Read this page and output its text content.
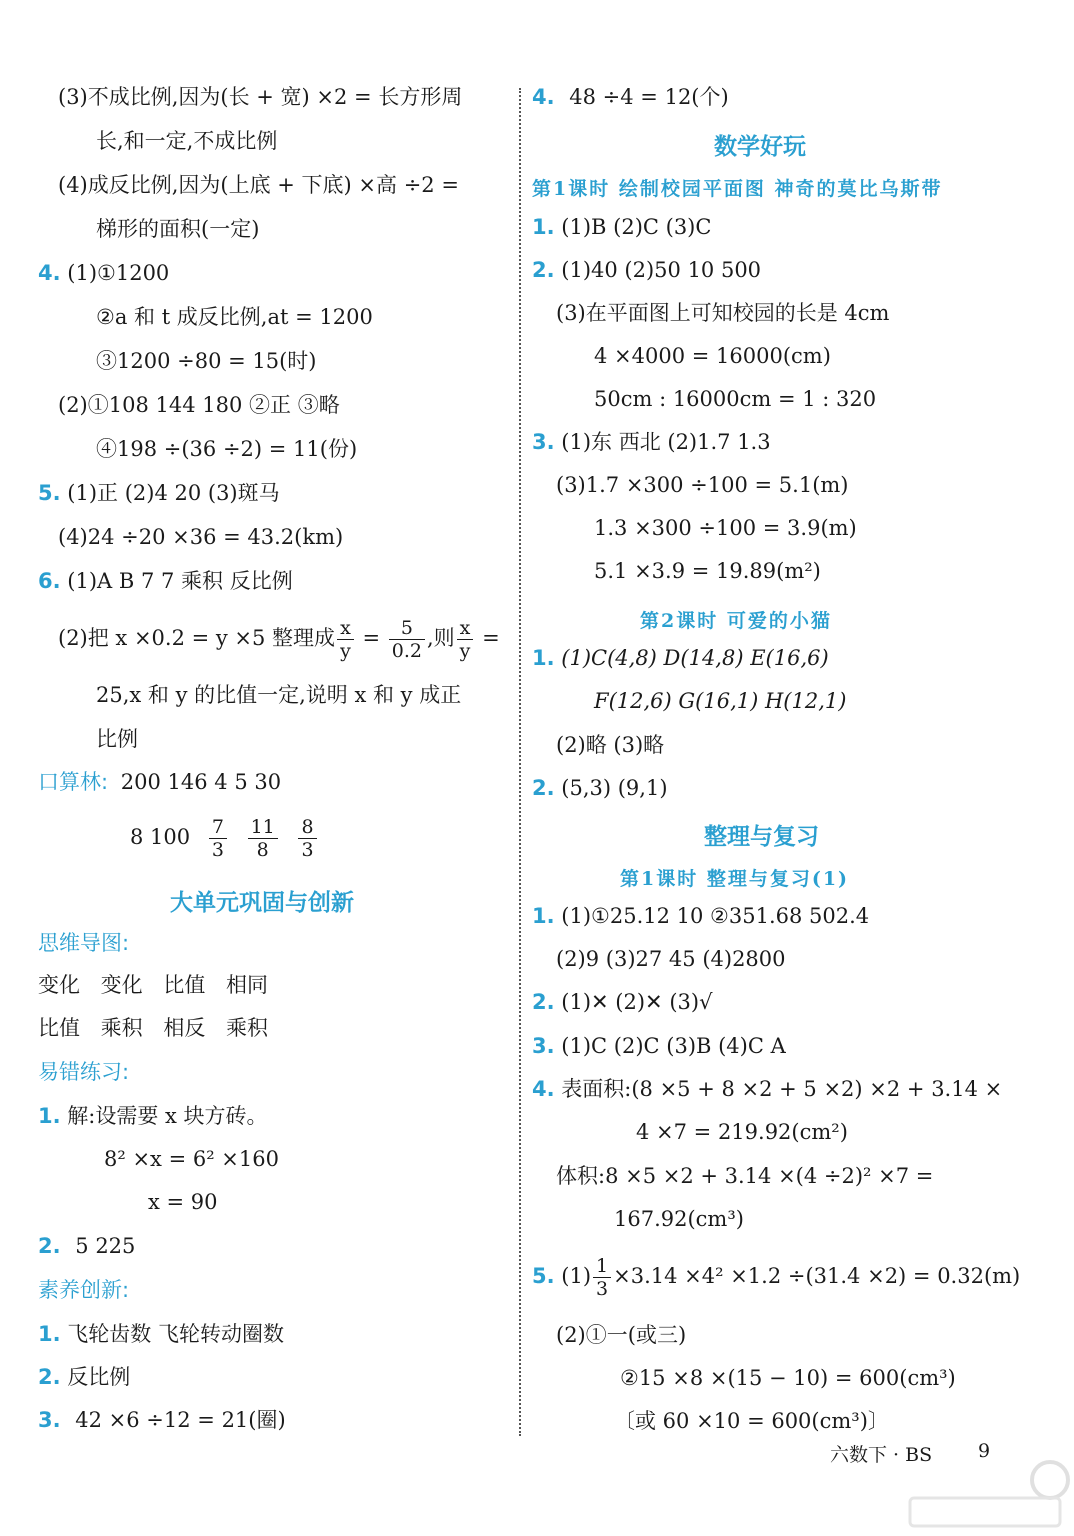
(3)不成比例,因为(长 + 宽) ×2 = 长方形周
长,和一定,不成比例
(4)成反比例,因为(上底 + 下底) ×高 ÷2 =
梯形的面积(一定)
4. (1)①1200
②a 和 t 成反比例,at = 1200
③1200 ÷80 = 15(时)
(2)①108 144 180 ②正 ③略
④198 ÷(36 ÷2) = 11(份)
5. (1)正 (2)4 20 (3)斑马
(4)24 ÷20 ×36 = 43.2(km)
6. (1)A B 7 7 乘积 反比例
(2)把 x ×0.2 = y ×5 整理成 $\frac{x}{y} = \frac{5}{0.2}$ ,则 $\frac{x}{y}$ =
25,x 和 y 的比值一定,说明 x 和 y 成正
比例
口算林: 200 146 4 5 30
8 $100 \frac{7}{3}$
$\frac{11}{8}$
$\frac{8}{3}$
大单元巩固与创新
思维导图:
变化 变化 比值 相同
比值 乘积 相反 乘积
易错练习:
1. 解:设需要 x 块方砖。
8² ×x = 6² ×160
x = 90
2. 5 225
素养创新:
1. 飞轮齿数 飞轮转动圈数
2. 反比例
3. 42 ×6 ÷12 = 21(圈)
4. 48 ÷4 = 12(个)
数学好玩
第1课时 绘制校园平面图 神奇的莫比乌斯带
1. (1)B (2)C (3)C
2. (1)40 (2)50 10 500
(3)在平面图上可知校园的长是 4cm
4 ×4000 = 16000(cm)
50cm : 16000cm = 1 : 320
3. (1)东 西北 (2)1.7 1.3
(3)1.7 ×300 ÷100 = 5.1(m)
1.3 ×300 ÷100 = 3.9(m)
5.1 ×3.9 = 19.89(m²)
第2课时 可爱的小猫
1. (1)C(4,8) D(14,8) E(16,6)
F(12,6) G(16,1) H(12,1)
(2)略 (3)略
2. (5,3) (9,1)
整理与复习
第1课时 整理与复习(1)
1. (1)①25.12 10 ②351.68 502.4
(2)9 (3)27 45 (4)2800
2. (1)✕ (2)✕ (3)√
3. (1)C (2)C (3)B (4)C A
4. 表面积:(8 ×5 + 8 ×2 + 5 ×2) ×2 + 3.14 ×
4 ×7 = 219.92(cm²)
体积:8 ×5 ×2 + 3.14 ×(4 ÷2)² ×7 =
167.92(cm³)
5. $(1) \frac{1}{3} \times 3.14 \times 4^2 \times 1.2 \div(31.4 \times 2) = 0.32(m)$
(2)①一(或三)
②15 ×8 ×(15 − 10) = 600(cm³)
〔或 60 ×10 = 600(cm³)〕
六数下 · BS 9
